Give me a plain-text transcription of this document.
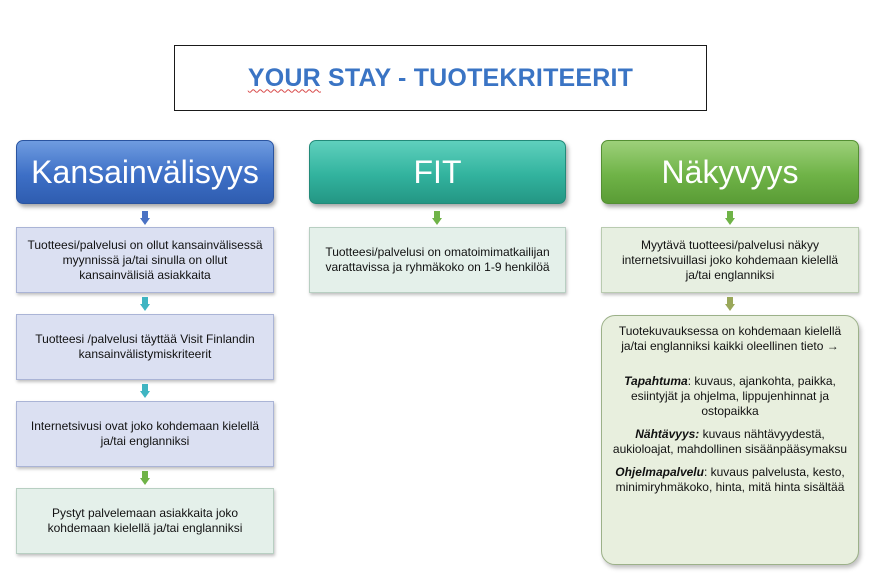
YOUR STAY - TUOTEKRITEERIT
Kansainvälisyys	FIT	Näkyvyys
Tuotteesi/palvelusi on ollut kansainvälisessä myynnissä ja/tai sinulla on ollut kansainvälisiä asiakkaita
Tuotteesi /palvelusi täyttää Visit Finlandin kansainvälistymiskriteerit
Internetsivusi ovat joko kohdemaan kielellä ja/tai englanniksi
Pystyt palvelemaan asiakkaita joko kohdemaan kielellä ja/tai englanniksi
Tuotteesi/palvelusi on omatoimimatkailijan varattavissa ja ryhmäkoko on 1-9 henkilöä
Myytävä tuotteesi/palvelusi näkyy internetsivuillasi joko kohdemaan kielellä ja/tai englanniksi

Tuotekuvauksessa on kohdemaan kielellä ja/tai englanniksi kaikki oleellinen tieto →

Tapahtuma: kuvaus, ajankohta, paikka, esiintyjät ja ohjelma, lippujenhinnat ja ostopaikka

Nähtävyys: kuvaus nähtävyydestä, aukioloajat, mahdollinen sisäänpääsymaksu

Ohjelmapalvelu: kuvaus palvelusta, kesto, minimiryhmäkoko, hinta, mitä hinta sisältää
